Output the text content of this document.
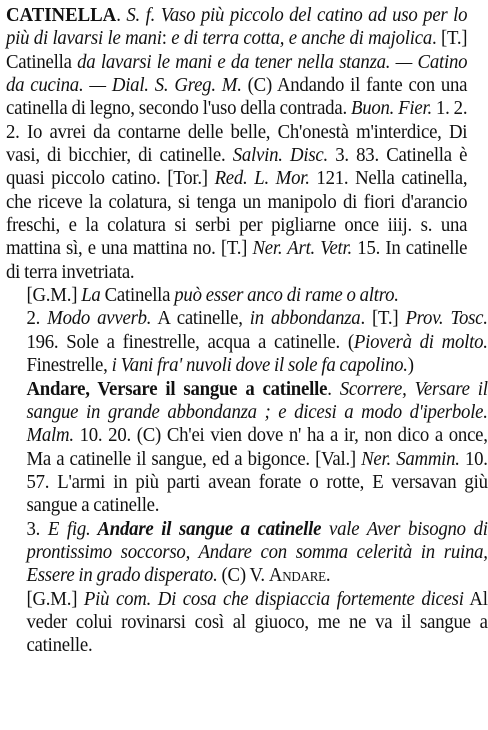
CATINELLA. S. f. Vaso più piccolo del catino ad uso per lo più di lavarsi le mani: e di terra cotta, e anche di majolica. [T.] Catinella da lavarsi le mani e da tener nella stanza. — Catino da cucina. — Dial. S. Greg. M. (C) Andando il fante con una catinella di legno, secondo l'uso della contrada. Buon. Fier. 1. 2. 2. Io avrei da contarne delle belle, Ch'onestà m'interdice, Di vasi, di bicchier, di catinelle. Salvin. Disc. 3. 83. Catinella è quasi piccolo catino. [Tor.] Red. L. Mor. 121. Nella catinella, che riceve la colatura, si tenga un manipolo di fiori d'arancio freschi, e la colatura si serbi per pigliarne once iiij. s. una mattina sì, e una mattina no. [T.] Ner. Art. Vetr. 15. In catinelle di terra invetriata.

[G.M.] La Catinella può esser anco di rame o altro.

2. Modo avverb. A catinelle, in abbondanza. [T.] Prov. Tosc. 196. Sole a finestrelle, acqua a catinelle. (Pioverà di molto. Finestrelle, i Vani fra' nuvoli dove il sole fa capolino.)

Andare, Versare il sangue a catinelle. Scorrere, Versare il sangue in grande abbondanza ; e dicesi a modo d'iperbole. Malm. 10. 20. (C) Ch'ei vien dove n' ha a ir, non dico a once, Ma a catinelle il sangue, ed a bigonce. [Val.] Ner. Sammin. 10. 57. L'armi in più parti avean forate o rotte, E versavan giù sangue a catinelle.

3. E fig. Andare il sangue a catinelle vale Aver bisogno di prontissimo soccorso, Andare con somma celerità in ruina, Essere in grado disperato. (C) V. Andare.

[G.M.] Più com. Di cosa che dispiaccia fortemente dicesi Al veder colui rovinarsi così al giuoco, me ne va il sangue a catinelle.
